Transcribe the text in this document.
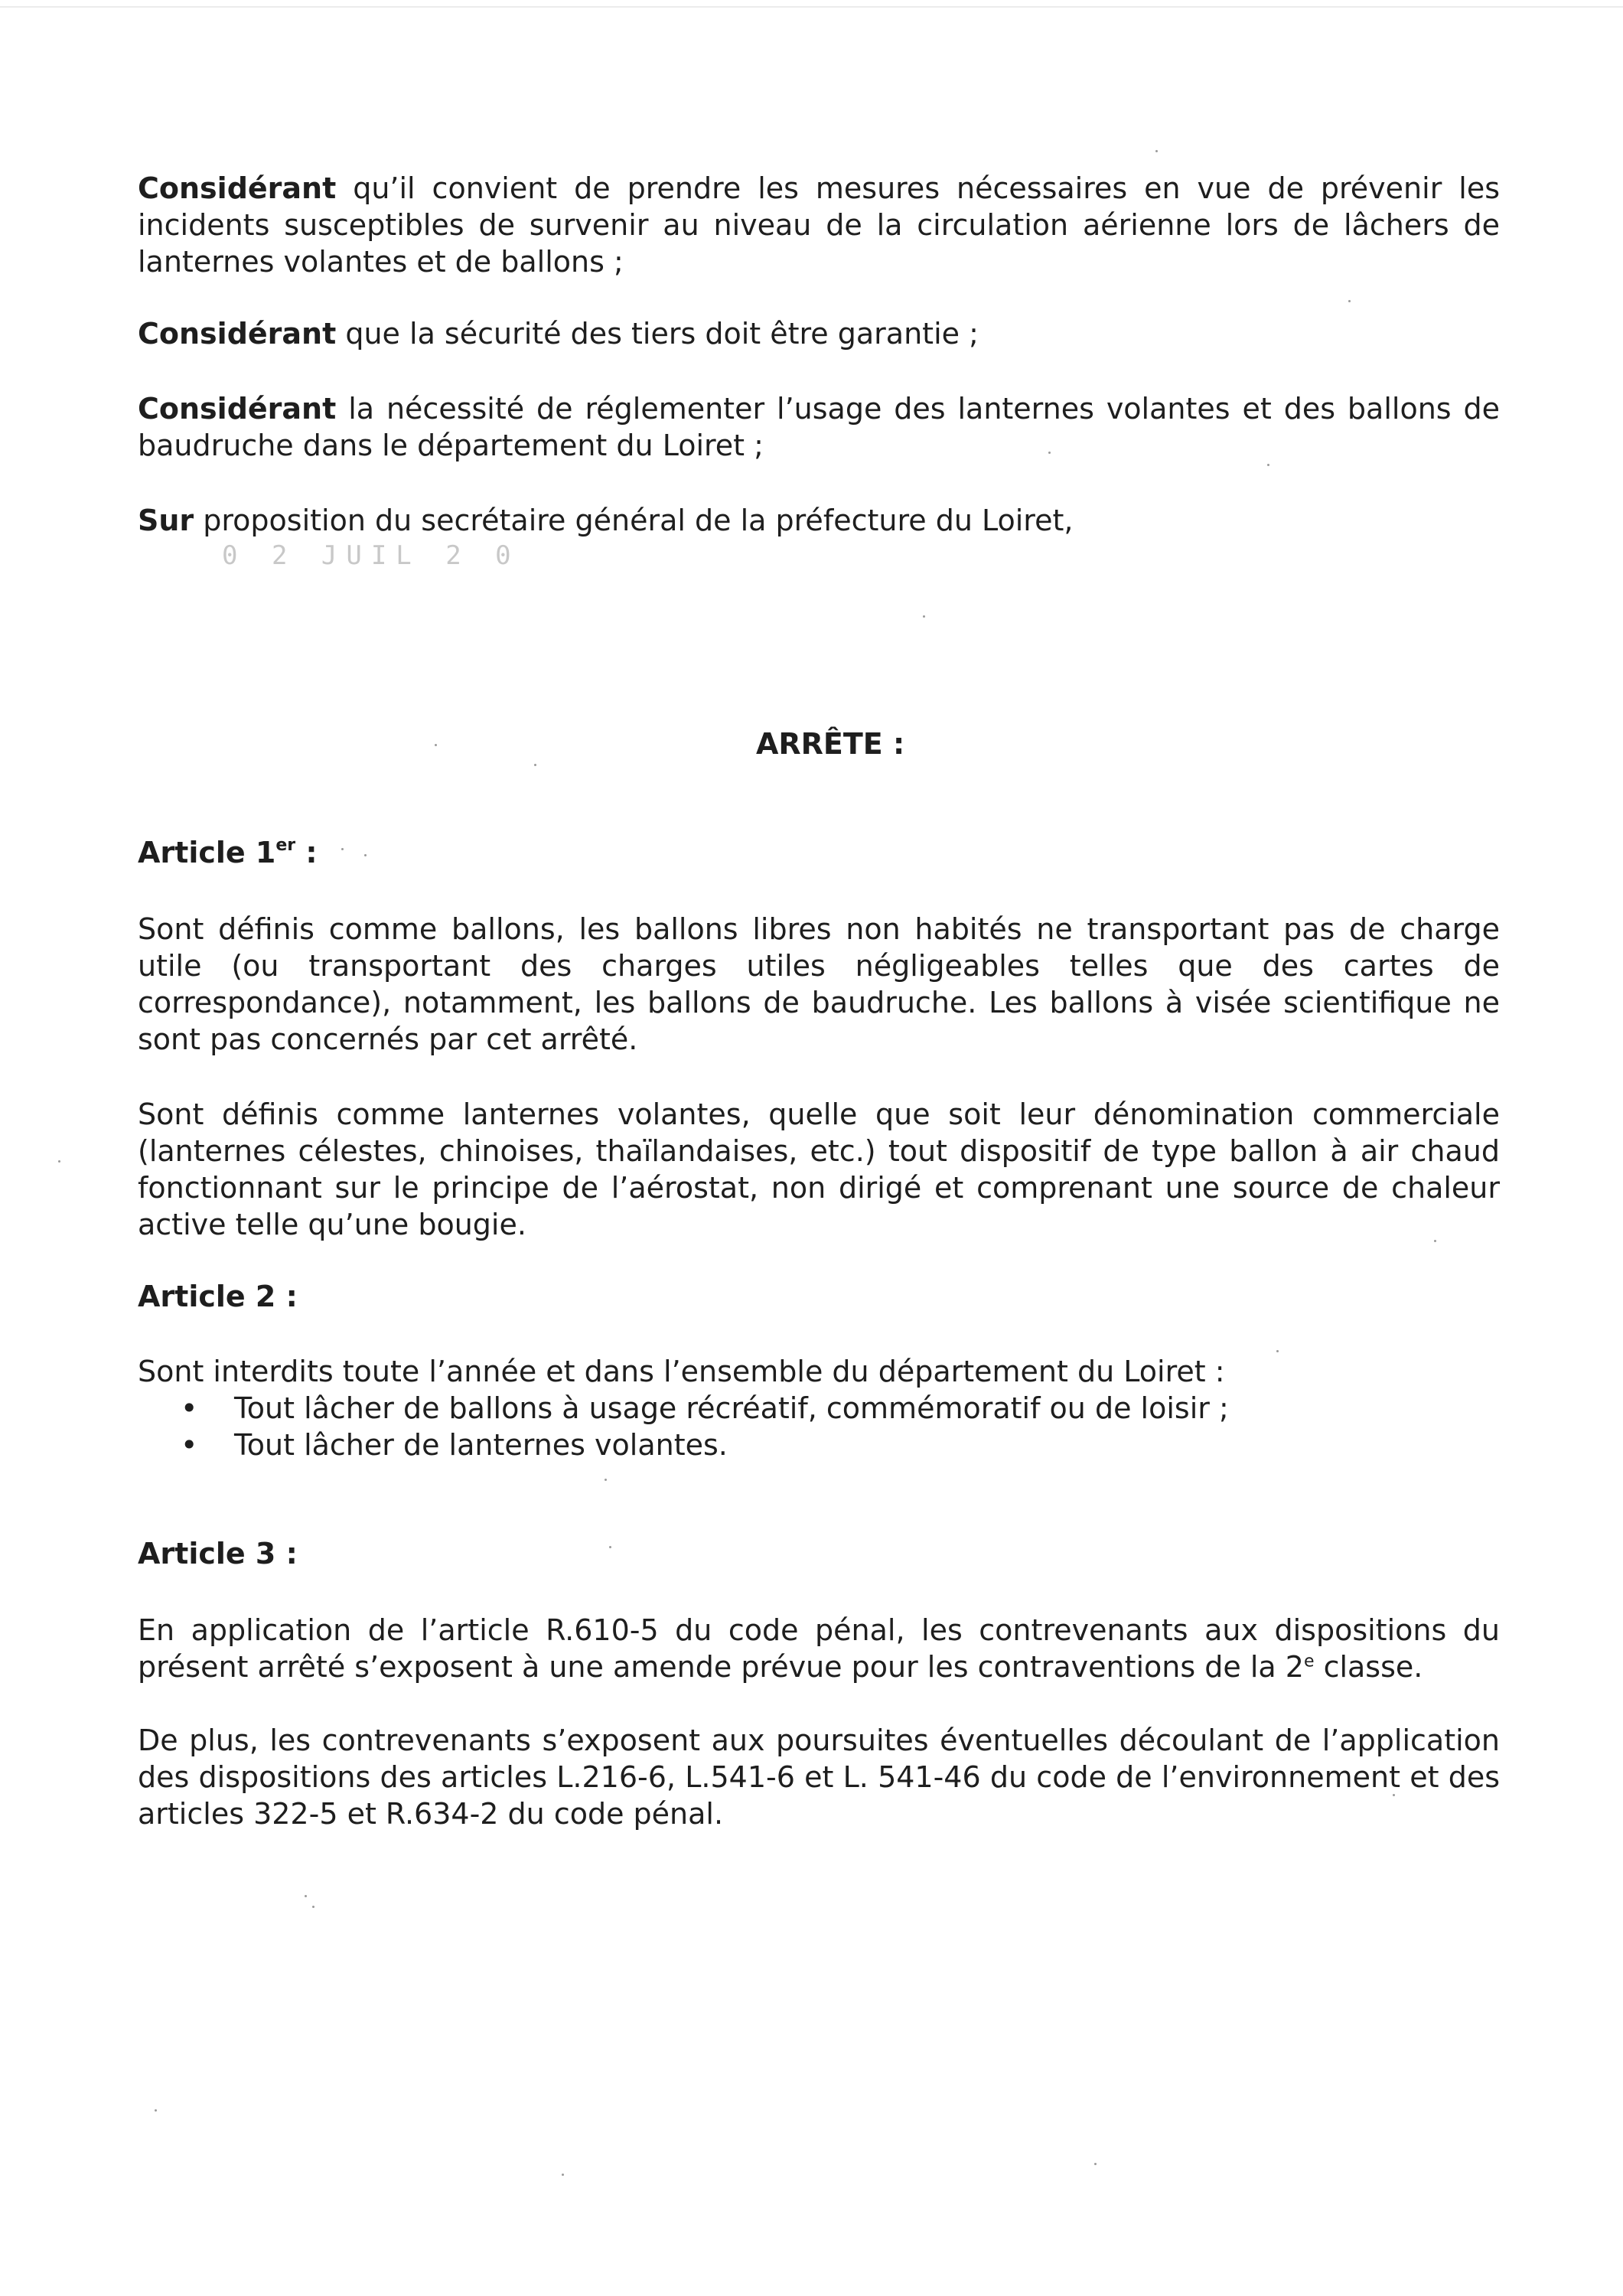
Considérant qu’il convient de prendre les mesures nécessaires en vue de prévenir les incidents susceptibles de survenir au niveau de la circulation aérienne lors de lâchers de lanternes volantes et de ballons ;

Considérant que la sécurité des tiers doit être garantie ;

Considérant la nécessité de réglementer l’usage des lanternes volantes et des ballons de baudruche dans le département du Loiret ;

Sur proposition du secrétaire général de la préfecture du Loiret,

0 2 JUIL 2 0
ARRÊTE :
Article 1er :

Sont définis comme ballons, les ballons libres non habités ne transportant pas de charge utile (ou transportant des charges utiles négligeables telles que des cartes de correspondance), notamment, les ballons de baudruche. Les ballons à visée scientifique ne sont pas concernés par cet arrêté.

Sont définis comme lanternes volantes, quelle que soit leur dénomination commerciale (lanternes célestes, chinoises, thaïlandaises, etc.) tout dispositif de type ballon à air chaud fonctionnant sur le principe de l’aérostat, non dirigé et comprenant une source de chaleur active telle qu’une bougie.

Article 2 :

Sont interdits toute l’année et dans l’ensemble du département du Loiret :

• Tout lâcher de ballons à usage récréatif, commémoratif ou de loisir ;
• Tout lâcher de lanternes volantes.
Article 3 :

En application de l’article R.610-5 du code pénal, les contrevenants aux dispositions du présent arrêté s’exposent à une amende prévue pour les contraventions de la 2e classe.

De plus, les contrevenants s’exposent aux poursuites éventuelles découlant de l’application des dispositions des articles L.216-6, L.541-6 et L. 541-46 du code de l’environnement et des articles 322-5 et R.634-2 du code pénal.
